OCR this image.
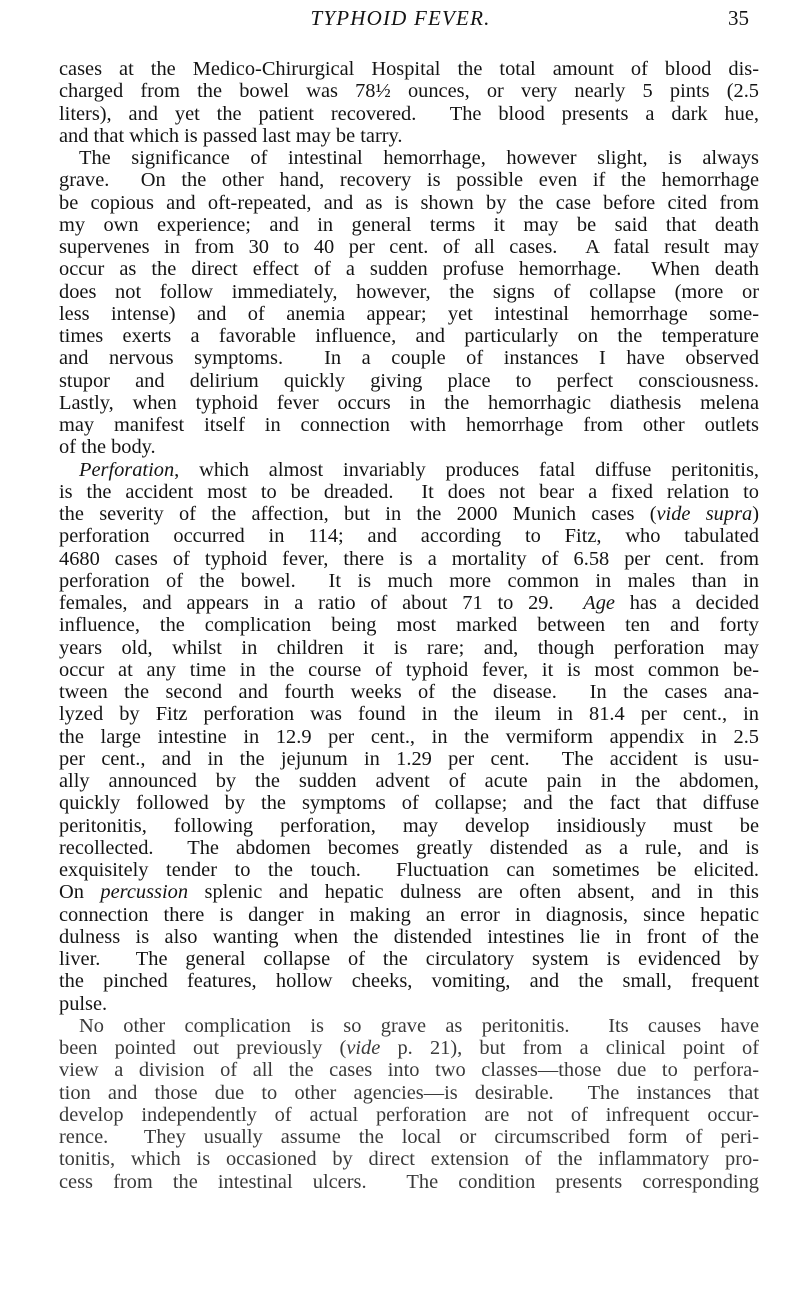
TYPHOID FEVER.	35
cases at the Medico-Chirurgical Hospital the total amount of blood dis-
charged from the bowel was 78½ ounces, or very nearly 5 pints (2.5
liters), and yet the patient recovered.  The blood presents a dark hue,
and that which is passed last may be tarry.
The significance of intestinal hemorrhage, however slight, is always
grave.  On the other hand, recovery is possible even if the hemorrhage
be copious and oft-repeated, and as is shown by the case before cited from
my own experience; and in general terms it may be said that death
supervenes in from 30 to 40 per cent. of all cases.  A fatal result may
occur as the direct effect of a sudden profuse hemorrhage.  When death
does not follow immediately, however, the signs of collapse (more or
less intense) and of anemia appear; yet intestinal hemorrhage some-
times exerts a favorable influence, and particularly on the temperature
and nervous symptoms.  In a couple of instances I have observed
stupor and delirium quickly giving place to perfect consciousness.
Lastly, when typhoid fever occurs in the hemorrhagic diathesis melena
may manifest itself in connection with hemorrhage from other outlets
of the body.
Perforation, which almost invariably produces fatal diffuse peritonitis,
is the accident most to be dreaded.  It does not bear a fixed relation to
the severity of the affection, but in the 2000 Munich cases (vide supra)
perforation occurred in 114; and according to Fitz, who tabulated
4680 cases of typhoid fever, there is a mortality of 6.58 per cent. from
perforation of the bowel.  It is much more common in males than in
females, and appears in a ratio of about 71 to 29.  Age has a decided
influence, the complication being most marked between ten and forty
years old, whilst in children it is rare; and, though perforation may
occur at any time in the course of typhoid fever, it is most common be-
tween the second and fourth weeks of the disease.  In the cases ana-
lyzed by Fitz perforation was found in the ileum in 81.4 per cent., in
the large intestine in 12.9 per cent., in the vermiform appendix in 2.5
per cent., and in the jejunum in 1.29 per cent.  The accident is usu-
ally announced by the sudden advent of acute pain in the abdomen,
quickly followed by the symptoms of collapse; and the fact that diffuse
peritonitis, following perforation, may develop insidiously must be
recollected.  The abdomen becomes greatly distended as a rule, and is
exquisitely tender to the touch.  Fluctuation can sometimes be elicited.
On percussion splenic and hepatic dulness are often absent, and in this
connection there is danger in making an error in diagnosis, since hepatic
dulness is also wanting when the distended intestines lie in front of the
liver.  The general collapse of the circulatory system is evidenced by
the pinched features, hollow cheeks, vomiting, and the small, frequent
pulse.
No other complication is so grave as peritonitis.  Its causes have
been pointed out previously (vide p. 21), but from a clinical point of
view a division of all the cases into two classes—those due to perfora-
tion and those due to other agencies—is desirable.  The instances that
develop independently of actual perforation are not of infrequent occur-
rence.  They usually assume the local or circumscribed form of peri-
tonitis, which is occasioned by direct extension of the inflammatory pro-
cess from the intestinal ulcers.  The condition presents corresponding
